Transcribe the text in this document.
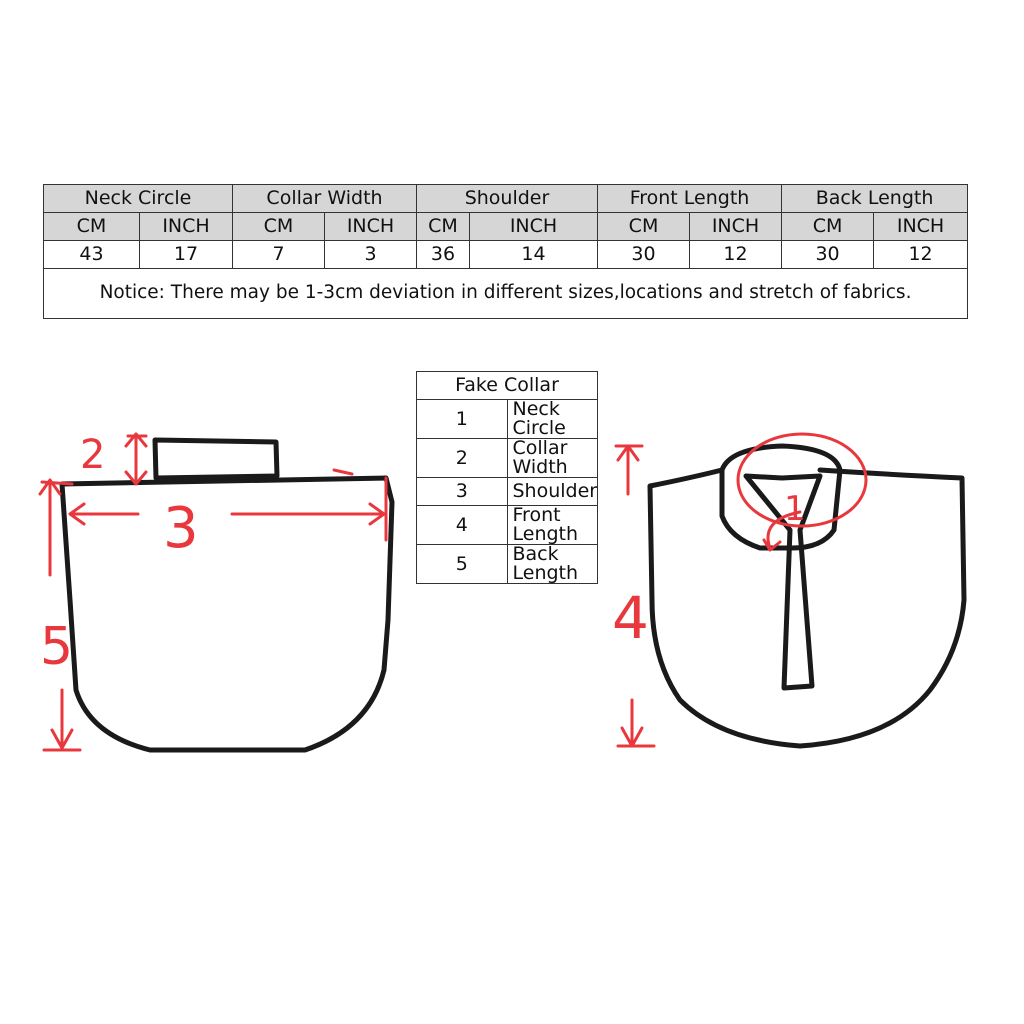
Neck Circle		Collar Width		Shoulder		Front Length		Back Length	
CM	INCH	CM	INCH	CM	INCH	CM	INCH	CM	INCH
43	17	7	3	36	14	30	12	30	12
Notice: There may be 1-3cm deviation in different sizes,locations and stretch of fabrics.									
Fake Collar	
1	Neck Circle
2	Collar Width
3	Shoulder
4	Front Length
5	Back Length
2
3
5
1
4
